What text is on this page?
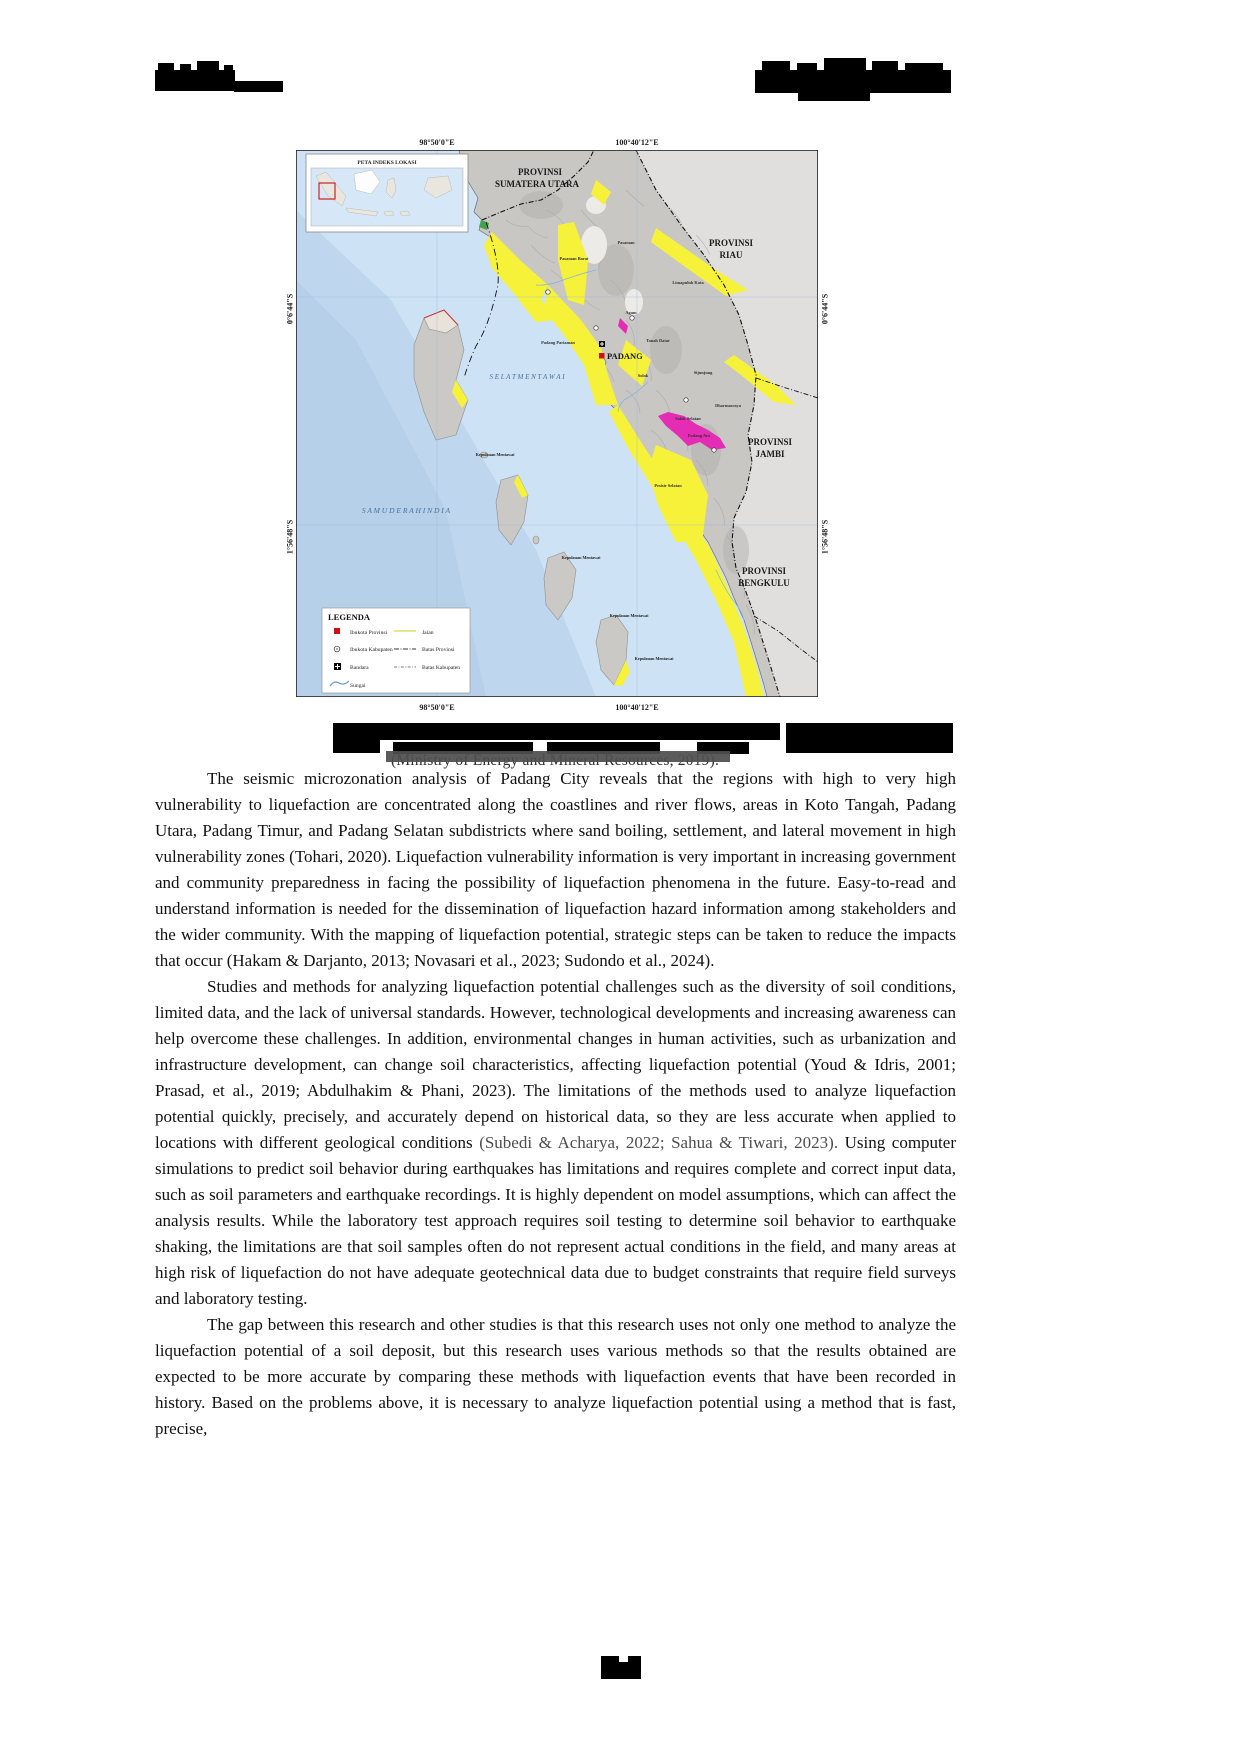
98°50'0"E	100°40'12"E
98°50'0"E	100°40'12"E
0°6'44"S
1°56'48"S
0°6'44"S
1°56'48"S
PADANG
PROVINSI
SUMATERA UTARA
PROVINSI
RIAU
PROVINSI
JAMBI
PROVINSI
BENGKULU
S E L A T M E N T A W A I
S A M U D E R A H I N D I A
Kepulauan Mentawai
Kepulauan Mentawai
Kepulauan Mentawai
Kepulauan Mentawai
Pasaman Barat
Pasaman
Agam
Limapuluh Kota
Padang Pariaman	Tanah Datar
Solok
Sijunjung
Dharmasraya
Solok Selatan
Padang Aro
Pesisir Selatan
PETA INDEKS LOKASI
LEGENDA
Ibukota Provinsi
Ibukota Kabupaten
Bandara
Sungai
Jalan
Batas Provinsi
Batas Kabupaten

The seismic microzonation analysis of Padang City reveals that the regions with high to very high vulnerability to liquefaction are concentrated along the coastlines and river flows, areas in Koto Tangah, Padang Utara, Padang Timur, and Padang Selatan subdistricts where sand boiling, settlement, and lateral movement in high vulnerability zones (Tohari, 2020). Liquefaction vulnerability information is very important in increasing government and community preparedness in facing the possibility of liquefaction phenomena in the future. Easy-to-read and understand information is needed for the dissemination of liquefaction hazard information among stakeholders and the wider community. With the mapping of liquefaction potential, strategic steps can be taken to reduce the impacts that occur (Hakam & Darjanto, 2013; Novasari et al., 2023; Sudondo et al., 2024).

Studies and methods for analyzing liquefaction potential challenges such as the diversity of soil conditions, limited data, and the lack of universal standards. However, technological developments and increasing awareness can help overcome these challenges. In addition, environmental changes in human activities, such as urbanization and infrastructure development, can change soil characteristics, affecting liquefaction potential (Youd & Idris, 2001; Prasad, et al., 2019; Abdulhakim & Phani, 2023). The limitations of the methods used to analyze liquefaction potential quickly, precisely, and accurately depend on historical data, so they are less accurate when applied to locations with different geological conditions (Subedi & Acharya, 2022; Sahua & Tiwari, 2023). Using computer simulations to predict soil behavior during earthquakes has limitations and requires complete and correct input data, such as soil parameters and earthquake recordings. It is highly dependent on model assumptions, which can affect the analysis results. While the laboratory test approach requires soil testing to determine soil behavior to earthquake shaking, the limitations are that soil samples often do not represent actual conditions in the field, and many areas at high risk of liquefaction do not have adequate geotechnical data due to budget constraints that require field surveys and laboratory testing.

The gap between this research and other studies is that this research uses not only one method to analyze the liquefaction potential of a soil deposit, but this research uses various methods so that the results obtained are expected to be more accurate by comparing these methods with liquefaction events that have been recorded in history. Based on the problems above, it is necessary to analyze liquefaction potential using a method that is fast, precise,
